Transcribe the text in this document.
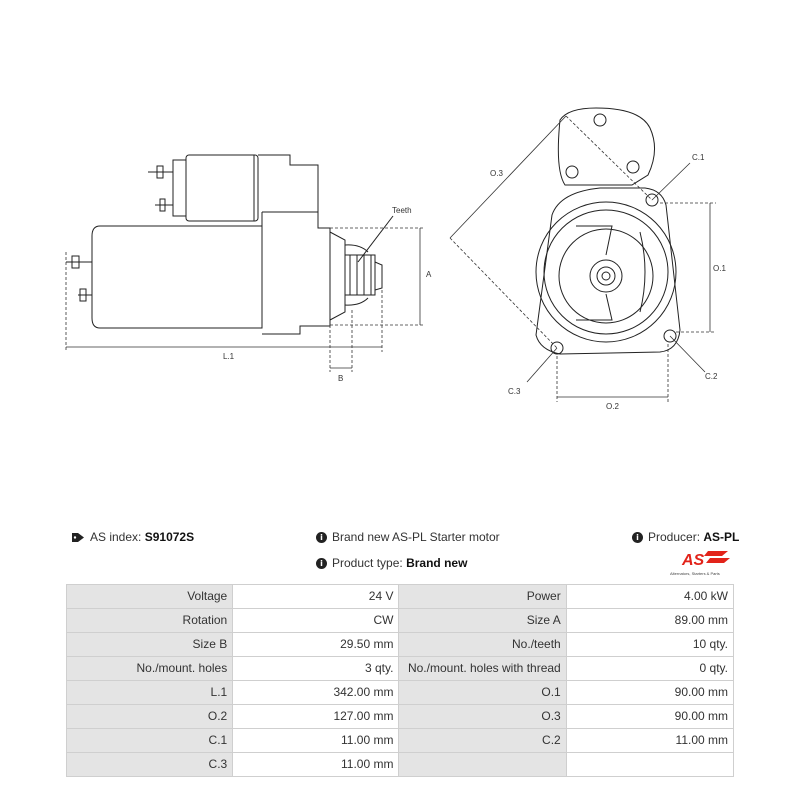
Teeth
A
L.1
B
O.3
C.1
O.1
C.2
C.3
O.2
AS index:
S91072S	i Brand new AS-PL Starter motor	i Producer:
AS-PL
i Product type:
Brand new	AS
Alternators, Starters & Parts
Voltage	24 V	Power	4.00 kW
Rotation	CW	Size A	89.00 mm
Size B	29.50 mm	No./teeth	10 qty.
No./mount. holes	3 qty.	No./mount. holes with thread	0 qty.
L.1	342.00 mm	O.1	90.00 mm
O.2	127.00 mm	O.3	90.00 mm
C.1	11.00 mm	C.2	11.00 mm
C.3	11.00 mm		
